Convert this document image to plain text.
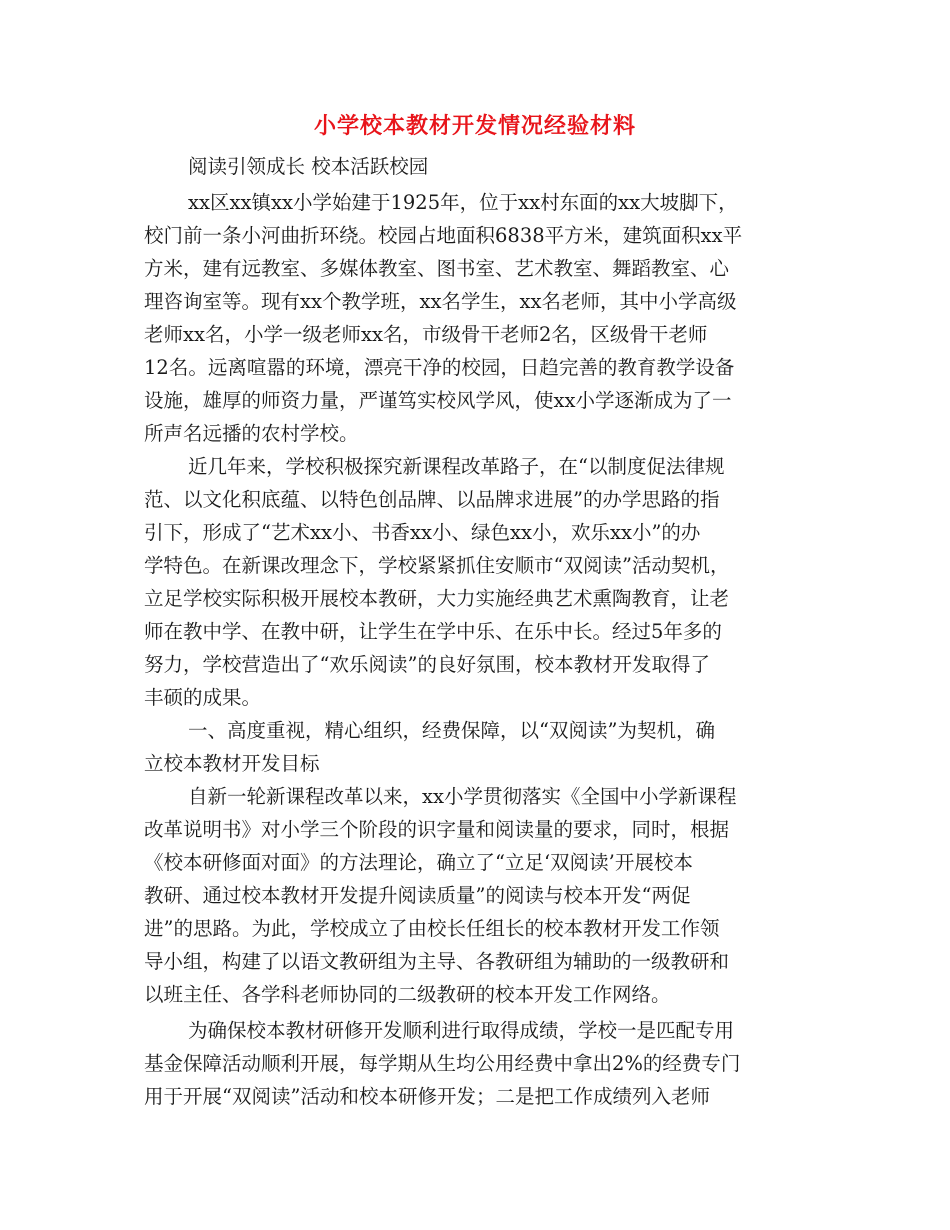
小学校本教材开发情况经验材料
阅读引领成长 校本活跃校园
xx区xx镇xx小学始建于1925年，位于xx村东面的xx大坡脚下，
校门前一条小河曲折环绕。校园占地面积6838平方米，建筑面积xx平
方米，建有远教室、多媒体教室、图书室、艺术教室、舞蹈教室、心
理咨询室等。现有xx个教学班，xx名学生，xx名老师，其中小学高级
老师xx名，小学一级老师xx名，市级骨干老师2名，区级骨干老师
12名。远离喧嚣的环境，漂亮干净的校园，日趋完善的教育教学设备
设施，雄厚的师资力量，严谨笃实校风学风，使xx小学逐渐成为了一
所声名远播的农村学校。
近几年来，学校积极探究新课程改革路子，在“以制度促法律规
范、以文化积底蕴、以特色创品牌、以品牌求进展”的办学思路的指
引下，形成了“艺术xx小、书香xx小、绿色xx小，欢乐xx小”的办
学特色。在新课改理念下，学校紧紧抓住安顺市“双阅读”活动契机，
立足学校实际积极开展校本教研，大力实施经典艺术熏陶教育，让老
师在教中学、在教中研，让学生在学中乐、在乐中长。经过5年多的
努力，学校营造出了“欢乐阅读”的良好氛围，校本教材开发取得了
丰硕的成果。
一、高度重视，精心组织，经费保障，以“双阅读”为契机，确
立校本教材开发目标
自新一轮新课程改革以来，xx小学贯彻落实《全国中小学新课程
改革说明书》对小学三个阶段的识字量和阅读量的要求，同时，根据
《校本研修面对面》的方法理论，确立了“立足‘双阅读’开展校本
教研、通过校本教材开发提升阅读质量”的阅读与校本开发“两促
进”的思路。为此，学校成立了由校长任组长的校本教材开发工作领
导小组，构建了以语文教研组为主导、各教研组为辅助的一级教研和
以班主任、各学科老师协同的二级教研的校本开发工作网络。
为确保校本教材研修开发顺利进行取得成绩，学校一是匹配专用
基金保障活动顺利开展，每学期从生均公用经费中拿出2%的经费专门
用于开展“双阅读”活动和校本研修开发；二是把工作成绩列入老师
